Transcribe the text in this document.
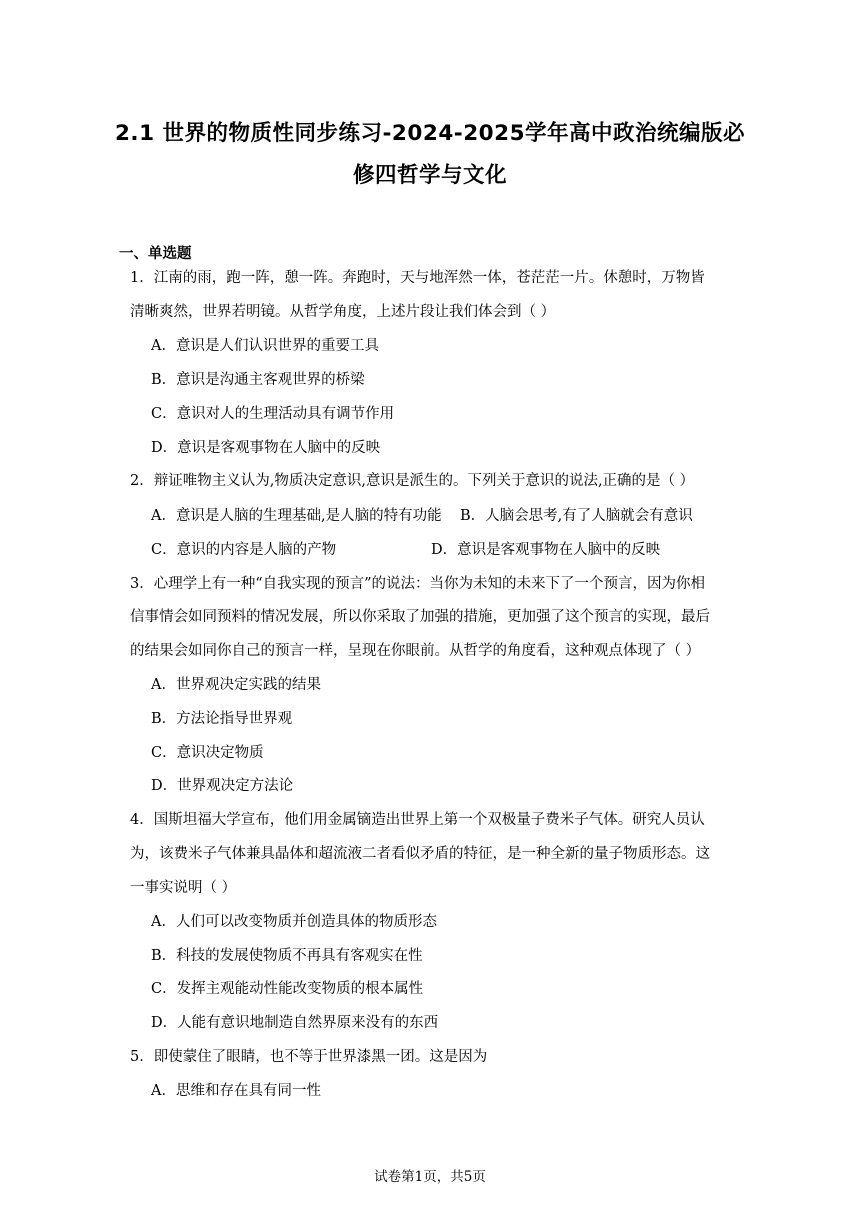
2.1 世界的物质性同步练习-2024-2025学年高中政治统编版必
修四哲学与文化
一、单选题
1．江南的雨，跑一阵，憩一阵。奔跑时，天与地浑然一体，苍茫茫一片。休憩时，万物皆
清晰爽然，世界若明镜。从哲学角度，上述片段让我们体会到（ ）
A．意识是人们认识世界的重要工具
B．意识是沟通主客观世界的桥梁
C．意识对人的生理活动具有调节作用
D．意识是客观事物在人脑中的反映
2．辩证唯物主义认为,物质决定意识,意识是派生的。下列关于意识的说法,正确的是（ ）
A．意识是人脑的生理基础,是人脑的特有功能 B．人脑会思考,有了人脑就会有意识
C．意识的内容是人脑的产物	D．意识是客观事物在人脑中的反映
3．心理学上有一种“自我实现的预言”的说法：当你为未知的未来下了一个预言，因为你相
信事情会如同预料的情况发展，所以你采取了加强的措施，更加强了这个预言的实现，最后
的结果会如同你自己的预言一样，呈现在你眼前。从哲学的角度看，这种观点体现了（ ）
A．世界观决定实践的结果
B．方法论指导世界观
C．意识决定物质
D．世界观决定方法论
4．国斯坦福大学宣布，他们用金属镝造出世界上第一个双极量子费米子气体。研究人员认
为，该费米子气体兼具晶体和超流液二者看似矛盾的特征，是一种全新的量子物质形态。这
一事实说明（ ）
A．人们可以改变物质并创造具体的物质形态
B．科技的发展使物质不再具有客观实在性
C．发挥主观能动性能改变物质的根本属性
D．人能有意识地制造自然界原来没有的东西
5．即使蒙住了眼睛，也不等于世界漆黑一团。这是因为
A．思维和存在具有同一性
试卷第1页，共5页
